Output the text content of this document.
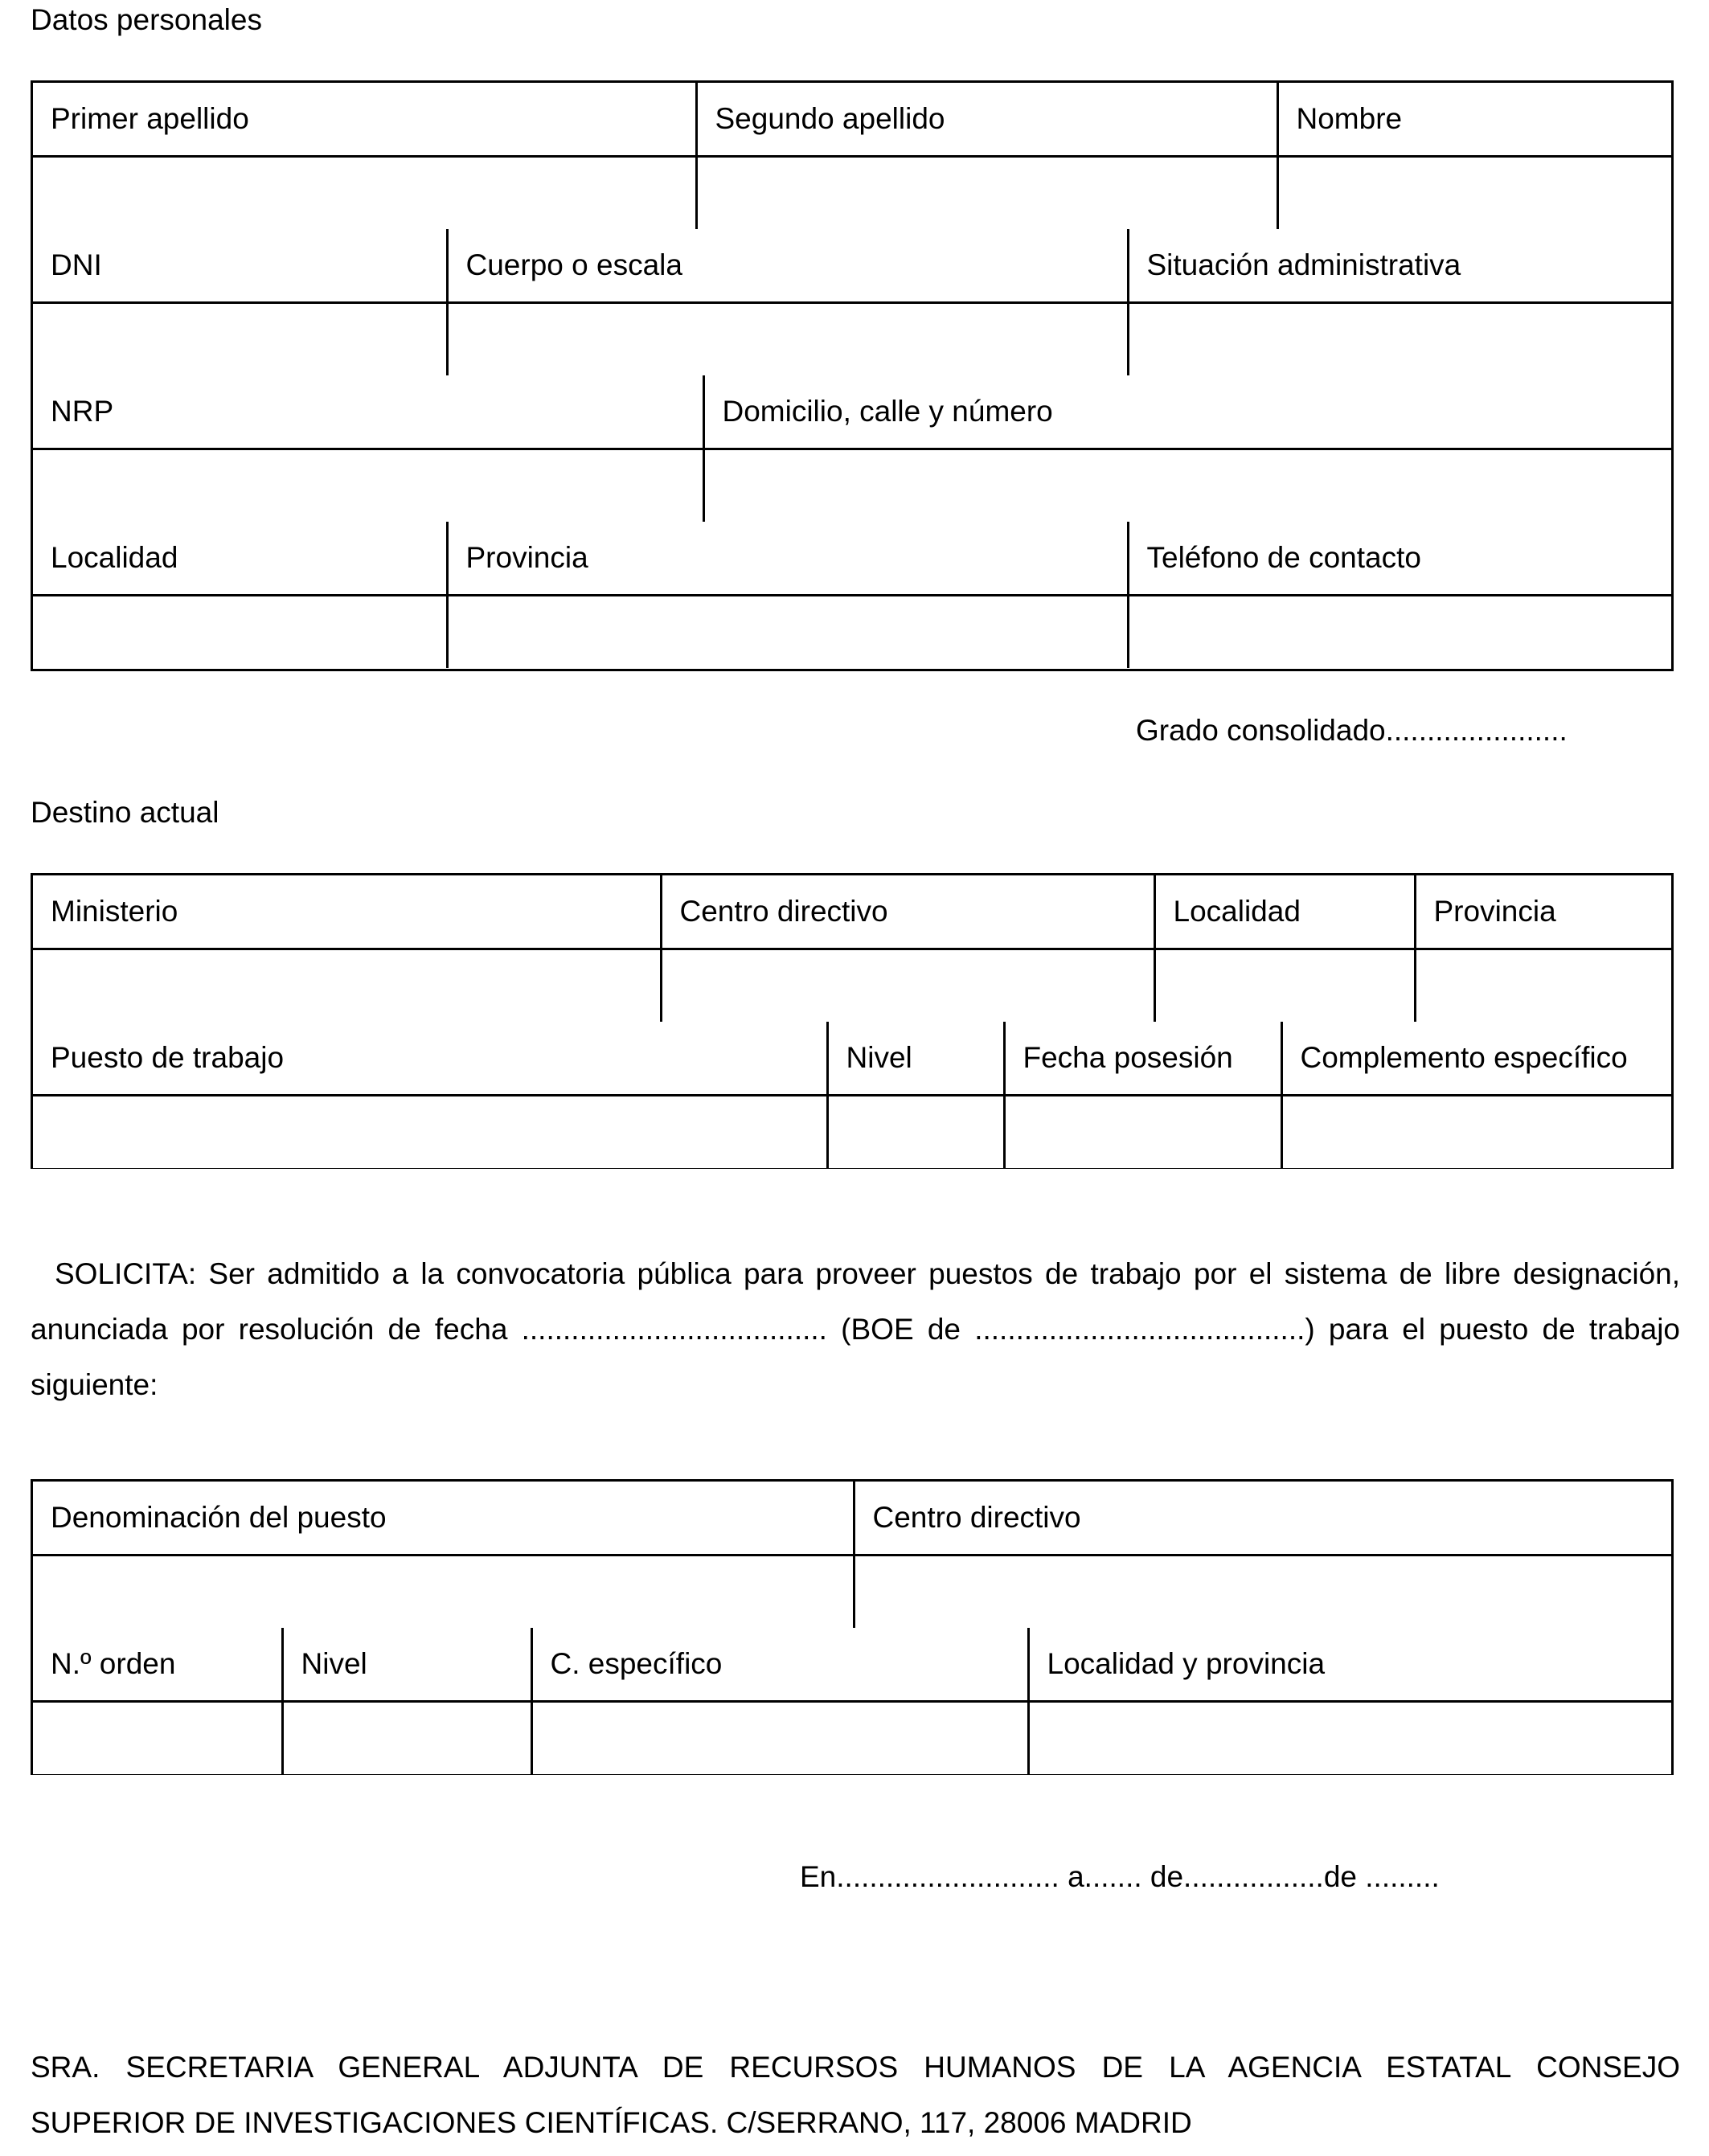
Datos personales
Primer apellido	Segundo apellido	Nombre

DNI	Cuerpo o escala	Situación administrativa

NRP	Domicilio, calle y número

Localidad	Provincia	Teléfono de contacto

Grado consolidado......................
Destino actual
Ministerio	Centro directivo	Localidad	Provincia

Puesto de trabajo	Nivel	Fecha posesión	Complemento específico

SOLICITA: Ser admitido a la convocatoria pública para proveer puestos de trabajo por el sistema de libre designación, anunciada por resolución de fecha ..................................... (BOE de ........................................) para el puesto de trabajo siguiente:
Denominación del puesto	Centro directivo

N.º orden	Nivel	C. específico	Localidad y provincia

En........................... a....... de.................de .........
SRA. SECRETARIA GENERAL ADJUNTA DE RECURSOS HUMANOS DE LA AGENCIA ESTATAL CONSEJO
SUPERIOR DE INVESTIGACIONES CIENTÍFICAS. C/SERRANO, 117, 28006 MADRID
